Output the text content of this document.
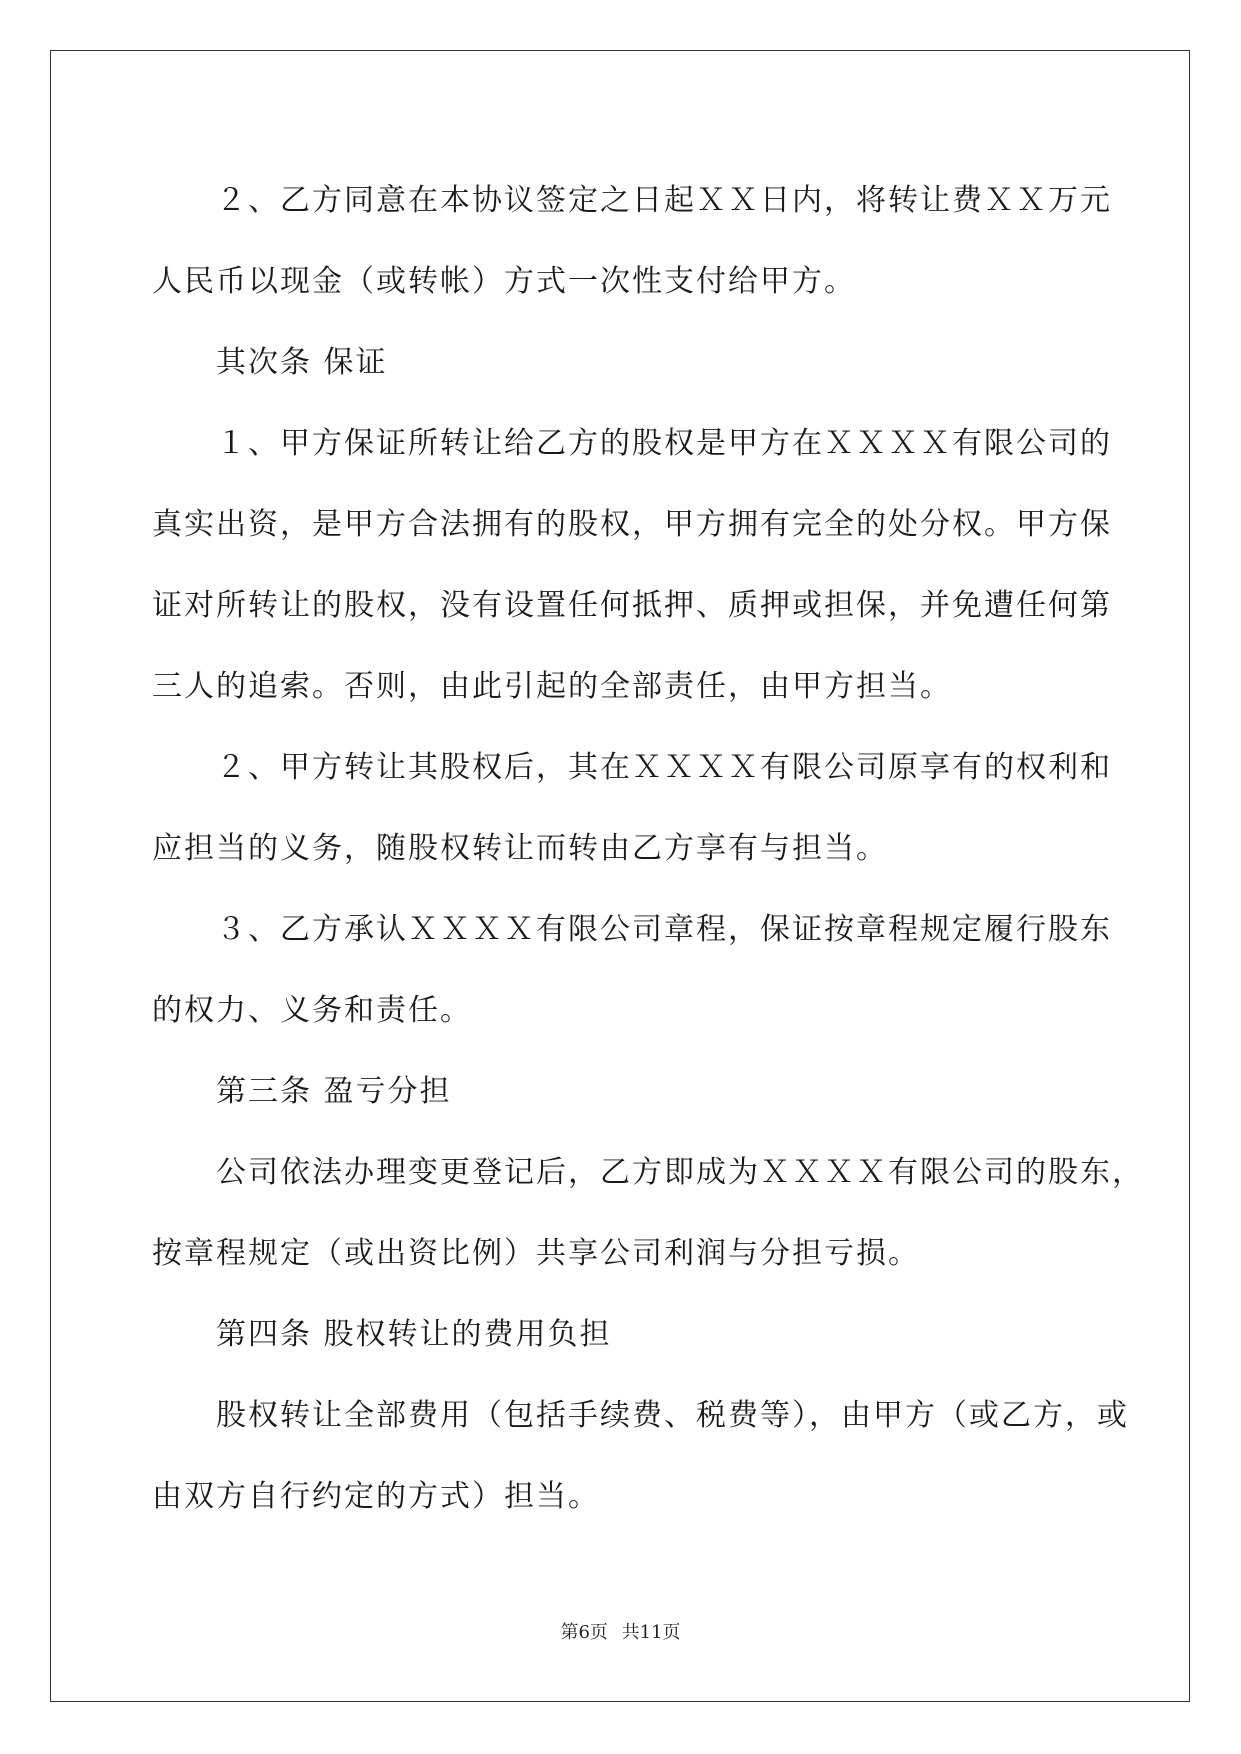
２、乙方同意在本协议签定之日起ＸＸ日内，将转让费ＸＸ万元

人民币以现金（或转帐）方式一次性支付给甲方。

其次条 保证

１、甲方保证所转让给乙方的股权是甲方在ＸＸＸＸ有限公司的

真实出资，是甲方合法拥有的股权，甲方拥有完全的处分权。甲方保

证对所转让的股权，没有设置任何抵押、质押或担保，并免遭任何第

三人的追索。否则，由此引起的全部责任，由甲方担当。

２、甲方转让其股权后，其在ＸＸＸＸ有限公司原享有的权利和

应担当的义务，随股权转让而转由乙方享有与担当。

３、乙方承认ＸＸＸＸ有限公司章程，保证按章程规定履行股东

的权力、义务和责任。

第三条 盈亏分担

公司依法办理变更登记后，乙方即成为ＸＸＸＸ有限公司的股东，

按章程规定（或出资比例）共享公司利润与分担亏损。

第四条 股权转让的费用负担

股权转让全部费用（包括手续费、税费等），由甲方（或乙方，或

由双方自行约定的方式）担当。

第6页 共11页
